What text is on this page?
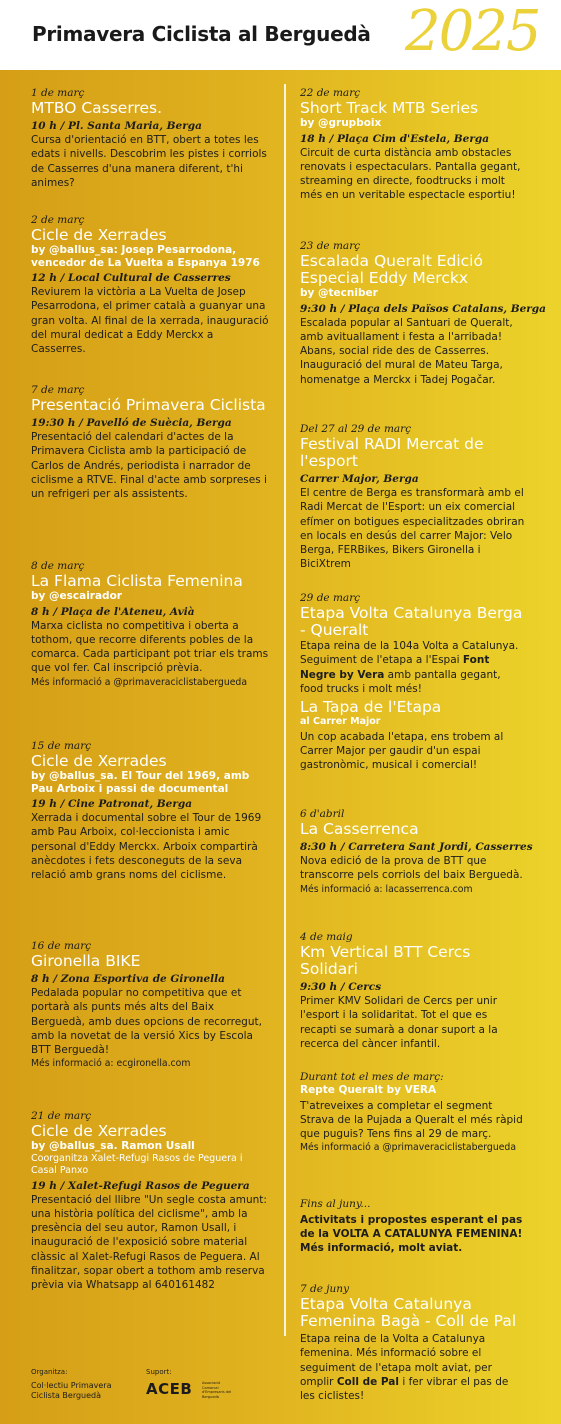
Primavera Ciclista al Berguedà 2025
1 de març
MTBO Casserres.
10 h / Pl. Santa Maria, Berga
Cursa d'orientació en BTT, obert a totes les edats i nivells. Descobrim les pistes i corriols de Casserres d'una manera diferent, t'hi animes?
2 de març
Cicle de Xerrades
by @ballus_sa: Josep Pesarrodona, vencedor de La Vuelta a Espanya 1976
12 h / Local Cultural de Casserres
Reviurem la victòria a La Vuelta de Josep Pesarrodona, el primer català a guanyar una gran volta. Al final de la xerrada, inauguració del mural dedicat a Eddy Merckx a Casserres.
7 de març
Presentació Primavera Ciclista
19:30 h / Pavelló de Suècia, Berga
Presentació del calendari d'actes de la Primavera Ciclista amb la participació de Carlos de Andrés, periodista i narrador de ciclisme a RTVE. Final d'acte amb sorpreses i un refrigeri per als assistents.
8 de març
La Flama Ciclista Femenina
by @escairador
8 h / Plaça de l'Ateneu, Avià
Marxa ciclista no competitiva i oberta a tothom, que recorre diferents pobles de la comarca. Cada participant pot triar els trams que vol fer. Cal inscripció prèvia.
Més informació a @primaveraciclistabergueda
15 de març
Cicle de Xerrades
by @ballus_sa. El Tour del 1969, amb Pau Arboix i passi de documental
19 h / Cine Patronat, Berga
Xerrada i documental sobre el Tour de 1969 amb Pau Arboix, col·leccionista i amic personal d'Eddy Merckx. Arboix compartirà anècdotes i fets desconeguts de la seva relació amb grans noms del ciclisme.
16 de març
Gironella BIKE
8 h / Zona Esportiva de Gironella
Pedalada popular no competitiva que et portarà als punts més alts del Baix Berguedà, amb dues opcions de recorregut, amb la novetat de la versió Xics by Escola BTT Berguedà!
Més informació a: ecgironella.com
21 de març
Cicle de Xerrades
by @ballus_sa. Ramon Usall
Coorganitza Xalet-Refugi Rasos de Peguera i Casal Panxo
19 h / Xalet-Refugi Rasos de Peguera
Presentació del llibre "Un segle costa amunt: una història política del ciclisme", amb la presència del seu autor, Ramon Usall, i inauguració de l'exposició sobre material clàssic al Xalet-Refugi Rasos de Peguera. Al finalitzar, sopar obert a tothom amb reserva prèvia via Whatsapp al 640161482
22 de març
Short Track MTB Series
by @grupboix
18 h / Plaça Cim d'Estela, Berga
Circuit de curta distància amb obstacles renovats i espectaculars. Pantalla gegant, streaming en directe, foodtrucks i molt més en un veritable espectacle esportiu!
23 de març
Escalada Queralt Edició Especial Eddy Merckx
by @tecniber
9:30 h / Plaça dels Països Catalans, Berga
Escalada popular al Santuari de Queralt, amb avituallament i festa a l'arribada! Abans, social ride des de Casserres. Inauguració del mural de Mateu Targa, homenatge a Merckx i Tadej Pogačar.
Del 27 al 29 de març
Festival RADI Mercat de l'esport
Carrer Major, Berga
El centre de Berga es transformarà amb el Radi Mercat de l'Esport: un eix comercial efímer on botigues especialitzades obriran en locals en desús del carrer Major: Velo Berga, FERBikes, Bikers Gironella i BiciXtrem
29 de març
Etapa Volta Catalunya Berga - Queralt
Etapa reina de la 104a Volta a Catalunya. Seguiment de l'etapa a l'Espai Font Negre by Vera amb pantalla gegant, food trucks i molt més!
La Tapa de l'Etapa
al Carrer Major
Un cop acabada l'etapa, ens trobem al Carrer Major per gaudir d'un espai gastronòmic, musical i comercial!
6 d'abril
La Casserrenca
8:30 h / Carretera Sant Jordi, Casserres
Nova edició de la prova de BTT que transcorre pels corriols del baix Berguedà.
Més informació a: lacasserrenca.com
4 de maig
Km Vertical BTT Cercs Solidari
9:30 h / Cercs
Primer KMV Solidari de Cercs per unir l'esport i la solidaritat. Tot el que es recapti se sumarà a donar suport a la recerca del càncer infantil.
Durant tot el mes de març:
Repte Queralt by VERA
T'atreveixes a completar el segment Strava de la Pujada a Queralt el més ràpid que puguis? Tens fins al 29 de març.
Més informació a @primaveraciclistabergueda
Fins al juny...
Activitats i propostes esperant el pas de la VOLTA A CATALUNYA FEMENINA! Més informació, molt aviat.
7 de juny
Etapa Volta Catalunya Femenina Bagà - Coll de Pal
Etapa reina de la Volta a Catalunya femenina. Més informació sobre el seguiment de l'etapa molt aviat, per omplir Coll de Pal i fer vibrar el pas de les ciclistes!
Organitza:
Col·lectiu Primavera Ciclista Berguedà
Suport:
ACEB	Associació Comarcal d'Empresaris del Berguedà
